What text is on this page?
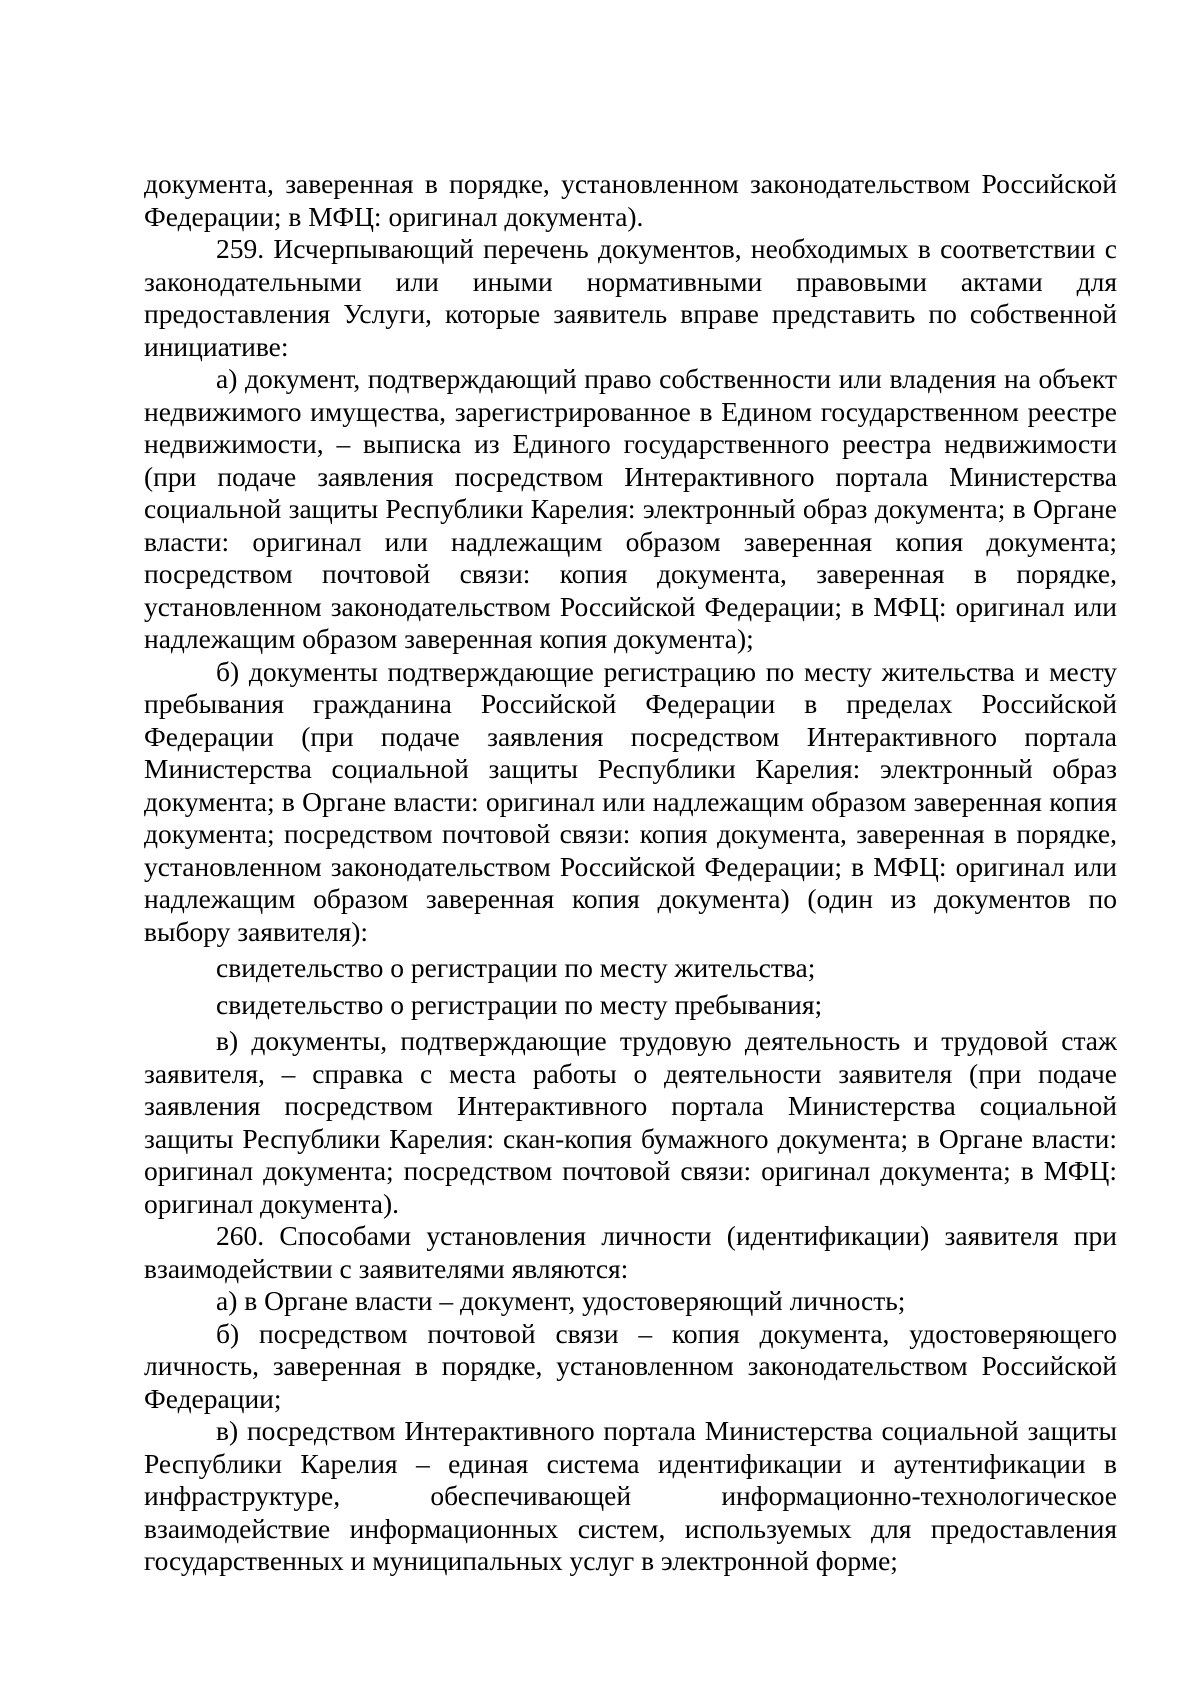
документа, заверенная в порядке, установленном законодательством Российской Федерации; в МФЦ: оригинал документа).

259. Исчерпывающий перечень документов, необходимых в соответствии с законодательными или иными нормативными правовыми актами для предоставления Услуги, которые заявитель вправе представить по собственной инициативе:

а) документ, подтверждающий право собственности или владения на объект недвижимого имущества, зарегистрированное в Едином государственном реестре недвижимости, – выписка из Единого государственного реестра недвижимости (при подаче заявления посредством Интерактивного портала Министерства социальной защиты Республики Карелия: электронный образ документа; в Органе власти: оригинал или надлежащим образом заверенная копия документа; посредством почтовой связи: копия документа, заверенная в порядке, установленном законодательством Российской Федерации; в МФЦ: оригинал или надлежащим образом заверенная копия документа);

б) документы подтверждающие регистрацию по месту жительства и месту пребывания гражданина Российской Федерации в пределах Российской Федерации (при подаче заявления посредством Интерактивного портала Министерства социальной защиты Республики Карелия: электронный образ документа; в Органе власти: оригинал или надлежащим образом заверенная копия документа; посредством почтовой связи: копия документа, заверенная в порядке, установленном законодательством Российской Федерации; в МФЦ: оригинал или надлежащим образом заверенная копия документа) (один из документов по выбору заявителя):

свидетельство о регистрации по месту жительства;

свидетельство о регистрации по месту пребывания;

в) документы, подтверждающие трудовую деятельность и трудовой стаж заявителя, – справка с места работы о деятельности заявителя (при подаче заявления посредством Интерактивного портала Министерства социальной защиты Республики Карелия: скан-копия бумажного документа; в Органе власти: оригинал документа; посредством почтовой связи: оригинал документа; в МФЦ: оригинал документа).

260. Способами установления личности (идентификации) заявителя при взаимодействии с заявителями являются:

а) в Органе власти – документ, удостоверяющий личность;

б) посредством почтовой связи – копия документа, удостоверяющего личность, заверенная в порядке, установленном законодательством Российской Федерации;

в) посредством Интерактивного портала Министерства социальной защиты Республики Карелия – единая система идентификации и аутентификации в инфраструктуре, обеспечивающей информационно-технологическое взаимодействие информационных систем, используемых для предоставления государственных и муниципальных услуг в электронной форме;
